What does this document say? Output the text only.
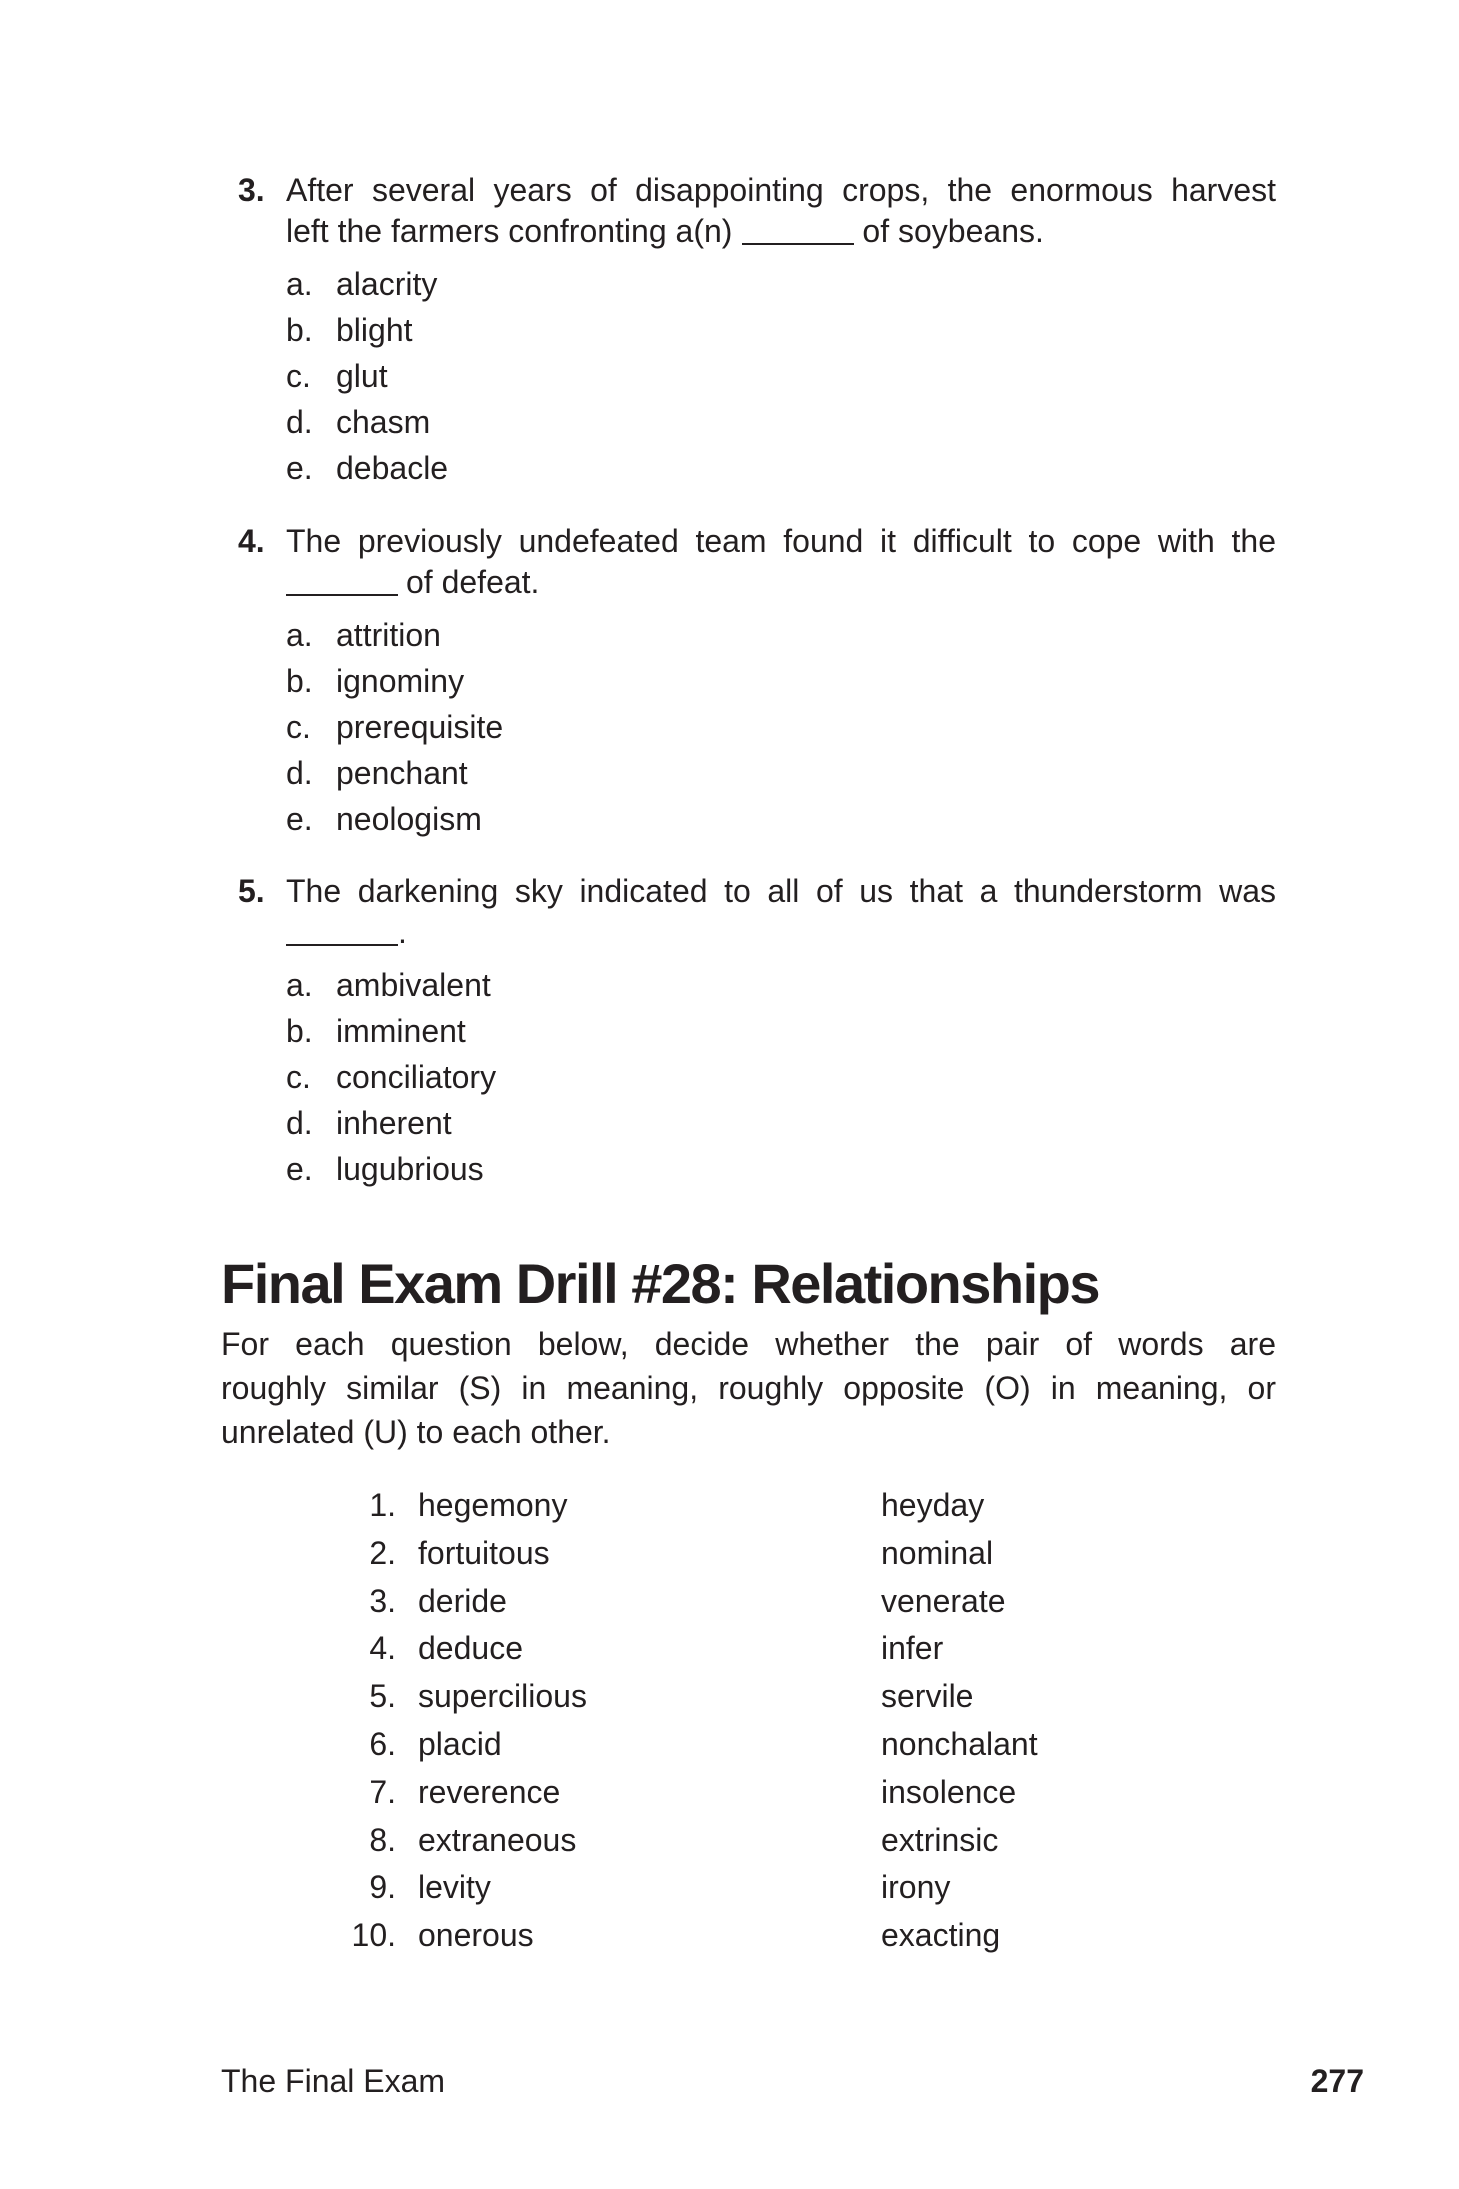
3. After several years of disappointing crops, the enormous harvest
left the farmers confronting a(n)	of soybeans.
a. alacrity
b. blight
c. glut
d. chasm
e. debacle
4. The previously undefeated team found it difficult to cope with the
of defeat.
a. attrition
b. ignominy
c. prerequisite
d. penchant
e. neologism
5. The darkening sky indicated to all of us that a thunderstorm was
.
a. ambivalent
b. imminent
c. conciliatory
d. inherent
e. lugubrious
Final Exam Drill #28: Relationships
For each question below, decide whether the pair of words are
roughly similar (S) in meaning, roughly opposite (O) in meaning, or
unrelated (U) to each other.
1. hegemony	heyday
2. fortuitous	nominal
3. deride	venerate
4. deduce	infer
5. supercilious	servile
6. placid	nonchalant
7. reverence	insolence
8. extraneous	extrinsic
9. levity	irony
10. onerous	exacting
The Final Exam	277
